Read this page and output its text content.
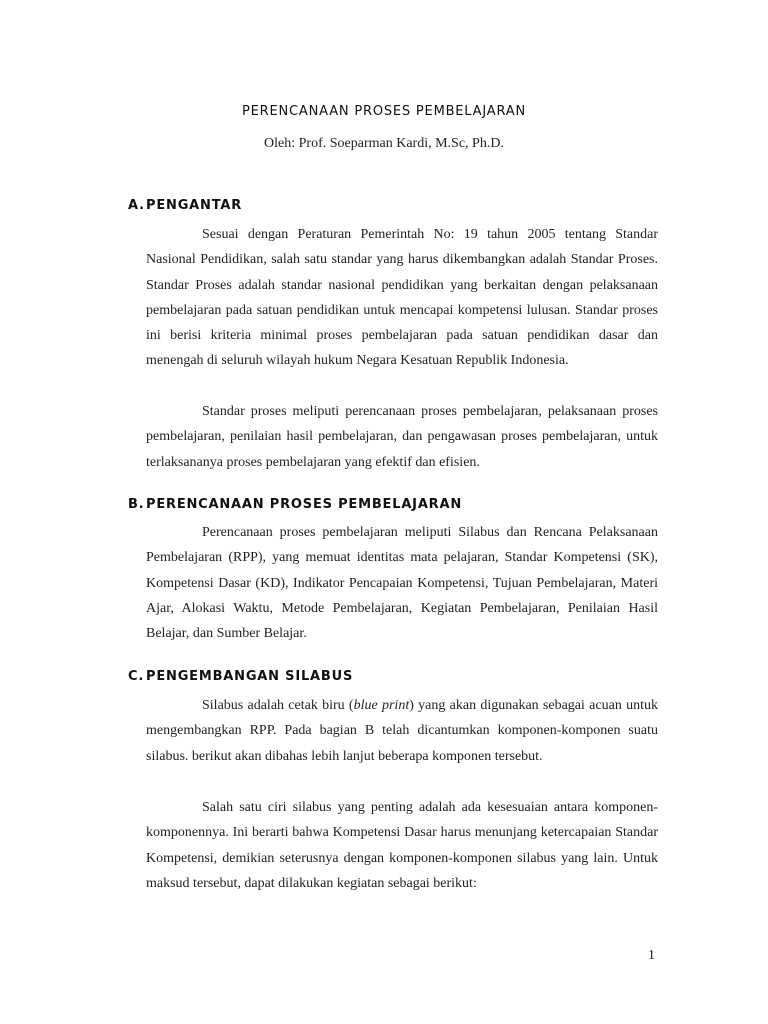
PERENCANAAN PROSES PEMBELAJARAN
Oleh: Prof. Soeparman Kardi, M.Sc, Ph.D.
A.PENGANTAR

Sesuai dengan Peraturan Pemerintah No: 19 tahun 2005 tentang Standar Nasional Pendidikan, salah satu standar yang harus dikembangkan adalah Standar Proses. Standar Proses adalah standar nasional pendidikan yang berkaitan dengan pelaksanaan pembelajaran pada satuan pendidikan untuk mencapai kompetensi lulusan. Standar proses ini berisi kriteria minimal proses pembelajaran pada satuan pendidikan dasar dan menengah di seluruh wilayah hukum Negara Kesatuan Republik Indonesia.

Standar proses meliputi perencanaan proses pembelajaran, pelaksanaan proses pembelajaran, penilaian hasil pembelajaran, dan pengawasan proses pembelajaran, untuk terlaksananya proses pembelajaran yang efektif dan efisien.

B. PERENCANAAN PROSES PEMBELAJARAN

Perencanaan proses pembelajaran meliputi Silabus dan Rencana Pelaksanaan Pembelajaran (RPP), yang memuat identitas mata pelajaran, Standar Kompetensi (SK), Kompetensi Dasar (KD), Indikator Pencapaian Kompetensi, Tujuan Pembelajaran, Materi Ajar, Alokasi Waktu, Metode Pembelajaran, Kegiatan Pembelajaran, Penilaian Hasil Belajar, dan Sumber Belajar.

C. PENGEMBANGAN SILABUS

Silabus adalah cetak biru (blue print) yang akan digunakan sebagai acuan untuk mengembangkan RPP. Pada bagian B telah dicantumkan komponen-komponen suatu silabus. berikut akan dibahas lebih lanjut beberapa komponen tersebut.

Salah satu ciri silabus yang penting adalah ada kesesuaian antara komponen-komponennya. Ini berarti bahwa Kompetensi Dasar harus menunjang ketercapaian Standar Kompetensi, demikian seterusnya dengan komponen-komponen silabus yang lain. Untuk maksud tersebut, dapat dilakukan kegiatan sebagai berikut:

1
